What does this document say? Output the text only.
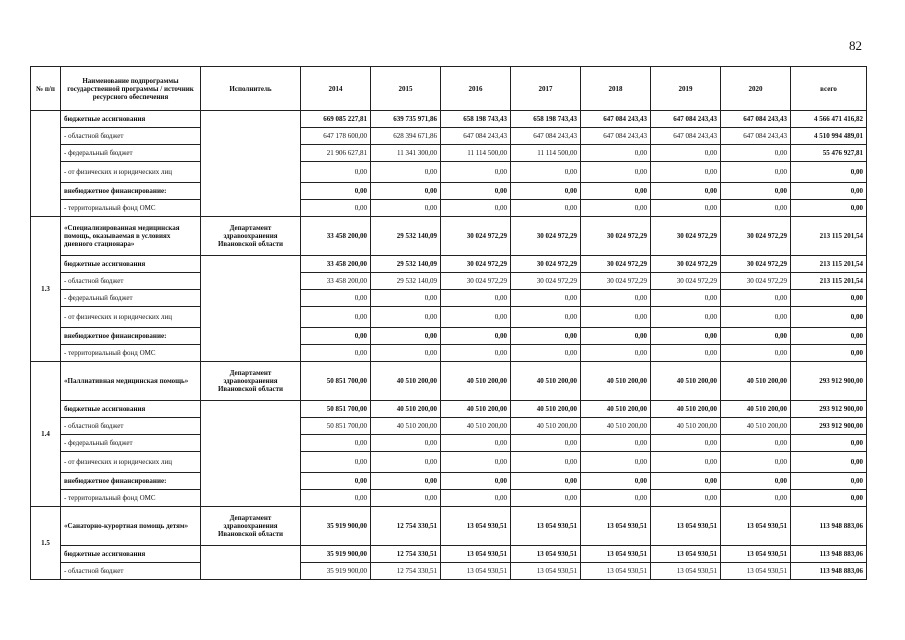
82
№ п/п	Наименование подпрограммы государственной программы / источник ресурсного обеспечения	Исполнитель	2014	2015	2016	2017	2018	2019	2020	всего
	бюджетные ассигнования		669 085 227,81	639 735 971,86	658 198 743,43	658 198 743,43	647 084 243,43	647 084 243,43	647 084 243,43	4 566 471 416,82
	- областной бюджет		647 178 600,00	628 394 671,86	647 084 243,43	647 084 243,43	647 084 243,43	647 084 243,43	647 084 243,43	4 510 994 489,01
	- федеральный бюджет		21 906 627,81	11 341 300,00	11 114 500,00	11 114 500,00	0,00	0,00	0,00	55 476 927,81
	- от физических и юридических лиц		0,00	0,00	0,00	0,00	0,00	0,00	0,00	0,00
	внебюджетное финансирование:		0,00	0,00	0,00	0,00	0,00	0,00	0,00	0,00
	- территориальный фонд ОМС		0,00	0,00	0,00	0,00	0,00	0,00	0,00	0,00
1.3	«Специализированная медицинская помощь, оказываемая в условиях дневного стационара»	Департамент здравоохранения Ивановской области	33 458 200,00	29 532 140,09	30 024 972,29	30 024 972,29	30 024 972,29	30 024 972,29	30 024 972,29	213 115 201,54
	бюджетные ассигнования		33 458 200,00	29 532 140,09	30 024 972,29	30 024 972,29	30 024 972,29	30 024 972,29	30 024 972,29	213 115 201,54
	- областной бюджет		33 458 200,00	29 532 140,09	30 024 972,29	30 024 972,29	30 024 972,29	30 024 972,29	30 024 972,29	213 115 201,54
	- федеральный бюджет		0,00	0,00	0,00	0,00	0,00	0,00	0,00	0,00
	- от физических и юридических лиц		0,00	0,00	0,00	0,00	0,00	0,00	0,00	0,00
	внебюджетное финансирование:		0,00	0,00	0,00	0,00	0,00	0,00	0,00	0,00
	- территориальный фонд ОМС		0,00	0,00	0,00	0,00	0,00	0,00	0,00	0,00
1.4	«Паллиативная медицинская помощь»	Департамент здравоохранения Ивановской области	50 851 700,00	40 510 200,00	40 510 200,00	40 510 200,00	40 510 200,00	40 510 200,00	40 510 200,00	293 912 900,00
	бюджетные ассигнования		50 851 700,00	40 510 200,00	40 510 200,00	40 510 200,00	40 510 200,00	40 510 200,00	40 510 200,00	293 912 900,00
	- областной бюджет		50 851 700,00	40 510 200,00	40 510 200,00	40 510 200,00	40 510 200,00	40 510 200,00	40 510 200,00	293 912 900,00
	- федеральный бюджет		0,00	0,00	0,00	0,00	0,00	0,00	0,00	0,00
	- от физических и юридических лиц		0,00	0,00	0,00	0,00	0,00	0,00	0,00	0,00
	внебюджетное финансирование:		0,00	0,00	0,00	0,00	0,00	0,00	0,00	0,00
	- территориальный фонд ОМС		0,00	0,00	0,00	0,00	0,00	0,00	0,00	0,00
1.5	«Санаторно-курортная помощь детям»	Департамент здравоохранения Ивановской области	35 919 900,00	12 754 330,51	13 054 930,51	13 054 930,51	13 054 930,51	13 054 930,51	13 054 930,51	113 948 883,06
	бюджетные ассигнования		35 919 900,00	12 754 330,51	13 054 930,51	13 054 930,51	13 054 930,51	13 054 930,51	13 054 930,51	113 948 883,06
	- областной бюджет		35 919 900,00	12 754 330,51	13 054 930,51	13 054 930,51	13 054 930,51	13 054 930,51	13 054 930,51	113 948 883,06
